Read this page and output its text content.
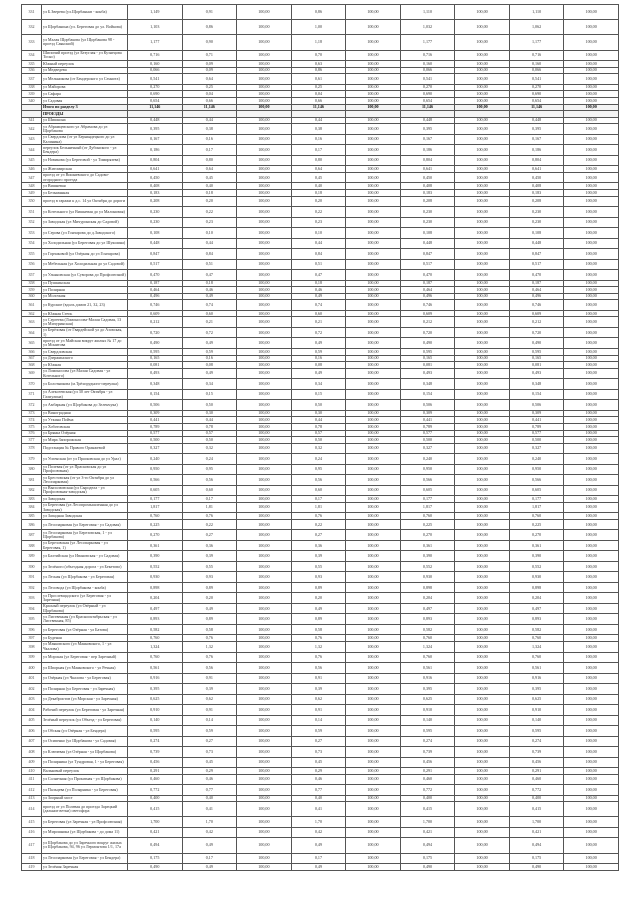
331	ул Б.Зверева (ул.Щорбанькв - конба)	1,149	0,91	100,00	0,86	100,00	1,110	100,00	1,110	100,00
332	ул Щорбанина (ул. Береговая до ул. Войкова)	1,103	0,86	100,00	1,00	100,00	1,032	100,00	1,062	100,00
333	ул Малая Щорбакова (ул Щорбакова 98 - проезд Саянский)	1,177	0,90	100,00	1,18	100,00	1,177	100,00	1,177	100,00
334	Шипичий проезд (ул Безуглая - ул Кузнецова Тосно)	0,716	0,71	100,00	0,70	100,00	0,716	100,00	0,716	100,00
335	Южный переулок	0,160	0,09	100,00	0,63	100,00	0,160	100,00	0,160	100,00
336	ул Медведева	0,066	0,09	100,00	0,86	100,00	0,066	100,00	0,066	100,00
337	ул Мельникова (от Бендерского ул Сеннота)	0,541	0,64	100,00	0,61	100,00	0,541	100,00	0,541	100,00
338	ул Майорова	0,270	0,25	100,00	0,25	100,00	0,270	100,00	0,270	100,00
339	ул Сафара	0,690	0,04	100,00	0,04	100,00	0,690	100,00	0,690	100,00
340	ул Садовая	0,654	0,66	100,00	0,66	100,00	0,654	100,00	0,654	100,00
	Итого по разделу 3	11,146	11,146	100,00	11,146	100,00	11,146	100,00	11,146	100,00
	ПРОЕЗДЫ									
341	ул Шишкина	0,448	0,44	100,00	0,44	100,00	0,448	100,00	0,448	100,00
342	ул Абрамцевского ул Абрамова до ул Щорбакова	0,395	0,38	100,00	0,38	100,00	0,395	100,00	0,395	100,00
343	ул Свердлова (от ул Бернандецкого до ул Калинина)	0,167	0,16	100,00	0,16	100,00	0,167	100,00	0,167	100,00
344	переулок Бельничный (от Дубинского - ул Бендера)	0,186	0,17	100,00	0,17	100,00	0,186	100,00	0,186	100,00
345	ул Новикова (ул Береговой - ул Тимирязева)	0,804	0,80	100,00	0,80	100,00	0,804	100,00	0,804	100,00
346	ул Житомирская	0,641	0,64	100,00	0,64	100,00	0,641	100,00	0,641	100,00
347	проезд от ул Вишневского до Садово-огородного проезда	0,450	0,45	100,00	0,45	100,00	0,450	100,00	0,450	100,00
348	ул Вишневая	0,408	0,40	100,00	0,40	100,00	0,408	100,00	0,408	100,00
349	ул Безымянная	0,183	0,18	100,00	0,18	100,00	0,183	100,00	0,183	100,00
350	проезд в гаражи к д.с. 14 ул Октября до дороги	0,208	0,20	100,00	0,20	100,00	0,208	100,00	0,208	100,00
351	ул Котельного (ул Вишневая до ул Малиновая)	0,230	0,22	100,00	0,22	100,00	0,230	100,00	0,230	100,00
352	ул Заводская (ул Мичуринская до Садовой)	0,230	0,23	100,00	0,23	100,00	0,230	100,00	0,230	100,00
353	ул Серова (ул Гончарова до д.Заводского)	0,108	0,10	100,00	0,10	100,00	0,108	100,00	0,108	100,00
354	ул Холодильная (ул Береговая до ул Шукшина)	0,448	0,44	100,00	0,44	100,00	0,448	100,00	0,448	100,00
355	ул Горчаковой (ул Озёрная до ул Гончарова)	0,847	0,84	100,00	0,84	100,00	0,847	100,00	0,847	100,00
356	ул Мебельная (ул Холодильная до ул Садовой)	0,517	0,51	100,00	0,51	100,00	0,517	100,00	0,517	100,00
357	ул Ульяновская (ул Суворова до Профсоюзной)	0,470	0,47	100,00	0,47	100,00	0,470	100,00	0,470	100,00
358	ул Пушкинская	0,187	0,18	100,00	0,18	100,00	0,187	100,00	0,187	100,00
359	ул Полярная	0,464	0,46	100,00	0,46	100,00	0,464	100,00	0,464	100,00
360	ул Молочная	0,496	0,49	100,00	0,49	100,00	0,496	100,00	0,496	100,00
361	ул Курские (вдоль домов 21, 32, 23)	0,746	0,74	100,00	0,74	100,00	0,746	100,00	0,746	100,00
362	ул Южная Степь	0,609	0,60	100,00	0,60	100,00	0,609	100,00	0,609	100,00
363	ул Сергеева (Ломоносова-Малая Садовая, 13 ул Мичуринская)	0,212	0,21	100,00	0,21	100,00	0,212	100,00	0,212	100,00
364	ул Берёзовая (от Гвардейской ул до Азовская, 1)	0,720	0,72	100,00	0,72	100,00	0,720	100,00	0,720	100,00
365	проезд от ул Майская вокруг жилых № 17 до ул Монитова	0,490	0,49	100,00	0,49	100,00	0,490	100,00	0,490	100,00
366	ул Свердловская	0,595	0,59	100,00	0,59	100,00	0,595	100,00	0,595	100,00
367	ул Дзержинского	0,165	0,16	100,00	0,16	100,00	0,165	100,00	0,165	100,00
368	ул Южная	0,081	0,08	100,00	0,08	100,00	0,081	100,00	0,081	100,00
369	ул Ломоносова (ул Малая Садовая - ул Котельного)	0,493	0,49	100,00	0,49	100,00	0,493	100,00	0,493	100,00
370	ул Болотникова (м.Трёхпрудного-переулка)	0,348	0,34	100,00	0,34	100,00	0,348	100,00	0,348	100,00
371	ул Алексеевская (ул 30 лет Октября - ул Галиулина)	0,154	0,15	100,00	0,15	100,00	0,154	100,00	0,154	100,00
372	ул Амбарная (ул Щорбакова до Зеленчука)	0,506	0,50	100,00	0,50	100,00	0,506	100,00	0,506	100,00
373	ул Виноградная	0,309	0,30	100,00	0,30	100,00	0,309	100,00	0,309	100,00
374	ул Уткина Пойма	0,441	0,44	100,00	0,44	100,00	0,441	100,00	0,441	100,00
375	ул Хоботовская	0,789	0,78	100,00	0,78	100,00	0,789	100,00	0,789	100,00
376	ул Брянка Озёрная	0,577	0,57	100,00	0,57	100,00	0,577	100,00	0,577	100,00
377	ул Мира Запорожская	0,500	0,50	100,00	0,50	100,00	0,500	100,00	0,500	100,00
378	Подстанция № Правого Оранжевой	0,327	0,32	100,00	0,32	100,00	0,327	100,00	0,327	100,00
379	ул Успенская (от ул Прасковская до ул Урал)	0,240	0,24	100,00	0,24	100,00	0,240	100,00	0,240	100,00
380	ул Полевая (от ул Прасковская до ул Профсоюзная)	0,950	0,95	100,00	0,95	100,00	0,950	100,00	0,950	100,00
381	ул Брестовская (от ул 3-го Октября до ул Лесопарковая)	0,566	0,56	100,00	0,56	100,00	0,566	100,00	0,566	100,00
382	ул Выползовская (ул Сыродела - ул Профсоюзная-заводская)	0,605	0,60	100,00	0,60	100,00	0,605	100,00	0,605	100,00
383	ул Заводская	0,177	0,17	100,00	0,17	100,00	0,177	100,00	0,177	100,00
384	ул Береговая (ул Лесопромышленная до ул Заводская)	1,817	1,81	100,00	1,81	100,00	1,817	100,00	1,817	100,00
385	ул Западная Заводская	0,760	0,76	100,00	0,76	100,00	0,760	100,00	0,760	100,00
386	ул Лесопарковая (ул Береговая - ул Садовая)	0,225	0,22	100,00	0,22	100,00	0,225	100,00	0,225	100,00
387	ул Лесопарковая (ул Березовская, 1 - ул Щорбакова)	0,270	0,27	100,00	0,27	100,00	0,270	100,00	0,270	100,00
388	ул Березовская (ул Лесопарковая - ул Береговая, 1)	0,361	0,36	100,00	0,36	100,00	0,361	100,00	0,361	100,00
389	ул Балтийская (ул Ивановская - ул Садовая)	0,390	0,39	100,00	0,39	100,00	0,390	100,00	0,390	100,00
390	ул Зелёного (объездная дорога - ул Бекетово)	0,552	0,55	100,00	0,55	100,00	0,552	100,00	0,552	100,00
391	ул Лесная (ул Щорбакова - ул Береговая)	0,930	0,93	100,00	0,93	100,00	0,930	100,00	0,930	100,00
392	ул Лесовода (ул Щорбакова - конба)	0,898	0,89	100,00	0,89	100,00	0,898	100,00	0,898	100,00
393	ул Прослевщадского (ул Береговая - ул Заречная)	0,204	0,20	100,00	0,20	100,00	0,204	100,00	0,204	100,00
394	Красный переулок (ул Озёрный - ул Щорбакова)	0,497	0,49	100,00	0,49	100,00	0,497	100,00	0,497	100,00
395	ул Лиственная (ул Краснооктябрьская - ул Лиственная, 85)	0,893	0,89	100,00	0,89	100,00	0,893	100,00	0,893	100,00
396	ул Береговая (ул Озёрная - ул Батова)	0,582	0,58	100,00	0,58	100,00	0,582	100,00	0,582	100,00
397	ул Буденая	0,760	0,76	100,00	0,76	100,00	0,760	100,00	0,760	100,00
398	ул Маяковского (ул Маяковского, 1 - ул Чкалова)	1,324	1,32	100,00	1,32	100,00	1,324	100,00	1,324	100,00
399	ул Морская (ул Береговая - пер Заречный)	0,760	0,76	100,00	0,76	100,00	0,760	100,00	0,760	100,00
400	ул Шпорная (ул Маяковского - ул Речная)	0,561	0,56	100,00	0,56	100,00	0,561	100,00	0,561	100,00
401	ул Озёрная (ул Чкалова - ул Береговая)	0,916	0,91	100,00	0,91	100,00	0,916	100,00	0,916	100,00
402	ул Полярная (ул Береговая - ул Заречная)	0,395	0,39	100,00	0,39	100,00	0,395	100,00	0,395	100,00
403	ул Декабристов (ул Морская - ул Заречная)	0,625	0,62	100,00	0,62	100,00	0,625	100,00	0,625	100,00
404	Рабочий переулок (ул Береговая - ул Заречная)	0,910	0,91	100,00	0,91	100,00	0,910	100,00	0,910	100,00
405	Зелёный переулок (ул Объезд - ул Береговая)	0,140	0,14	100,00	0,14	100,00	0,140	100,00	0,140	100,00
406	ул Обская (ул Озёрная - ул Бендера)	0,595	0,59	100,00	0,59	100,00	0,595	100,00	0,595	100,00
407	ул Осипенко (ул Щорбакова - ул Садовая)	0,274	0,27	100,00	0,27	100,00	0,274	100,00	0,274	100,00
408	ул Ключевая (ул Озёрная - ул Щорбакова)	0,739	0,73	100,00	0,73	100,00	0,739	100,00	0,739	100,00
409	ул Полярника (ул Тундровая, 1 - ул Береговая)	0,456	0,45	100,00	0,45	100,00	0,456	100,00	0,456	100,00
410	Вальковый переулок	0,291	0,29	100,00	0,29	100,00	0,291	100,00	0,291	100,00
411	ул Солнечная (ул Прокатная - ул Щорбакова)	0,460	0,46	100,00	0,46	100,00	0,460	100,00	0,460	100,00
412	ул Пальцева (ул Полярника - ул Береговая)	0,772	0,77	100,00	0,77	100,00	0,772	100,00	0,772	100,00
413	ул Зоорный мост	0,400	0,40	100,00	0,40	100,00	0,400	100,00	0,400	100,00
414	проезд от ул Полевая до проезда Зарецкий (дальние ветки) светофора	0,415	0,41	100,00	0,41	100,00	0,415	100,00	0,415	100,00
415	ул Береговая (ул Заречная - ул Профсоюзная)	1,700	1,70	100,00	1,70	100,00	1,700	100,00	1,700	100,00
416	ул Мирошника (ул Щорбакова - до дома 11)	0,421	0,42	100,00	0,42	100,00	0,421	100,00	0,421	100,00
417	ул Щорбакова до ул Заречного вокруг жилых ул Щорбакова, 94, 96 ул Лермонтова 1/1, 17а	0,494	0,49	100,00	0,49	100,00	0,494	100,00	0,494	100,00
418	ул Лесопарковая (ул Береговая - ул Бендера)	0,175	0,17	100,00	0,17	100,00	0,175	100,00	0,175	100,00
419	ул Зелёная Заречная	0,490	0,49	100,00	0,49	100,00	0,490	100,00	0,490	100,00
